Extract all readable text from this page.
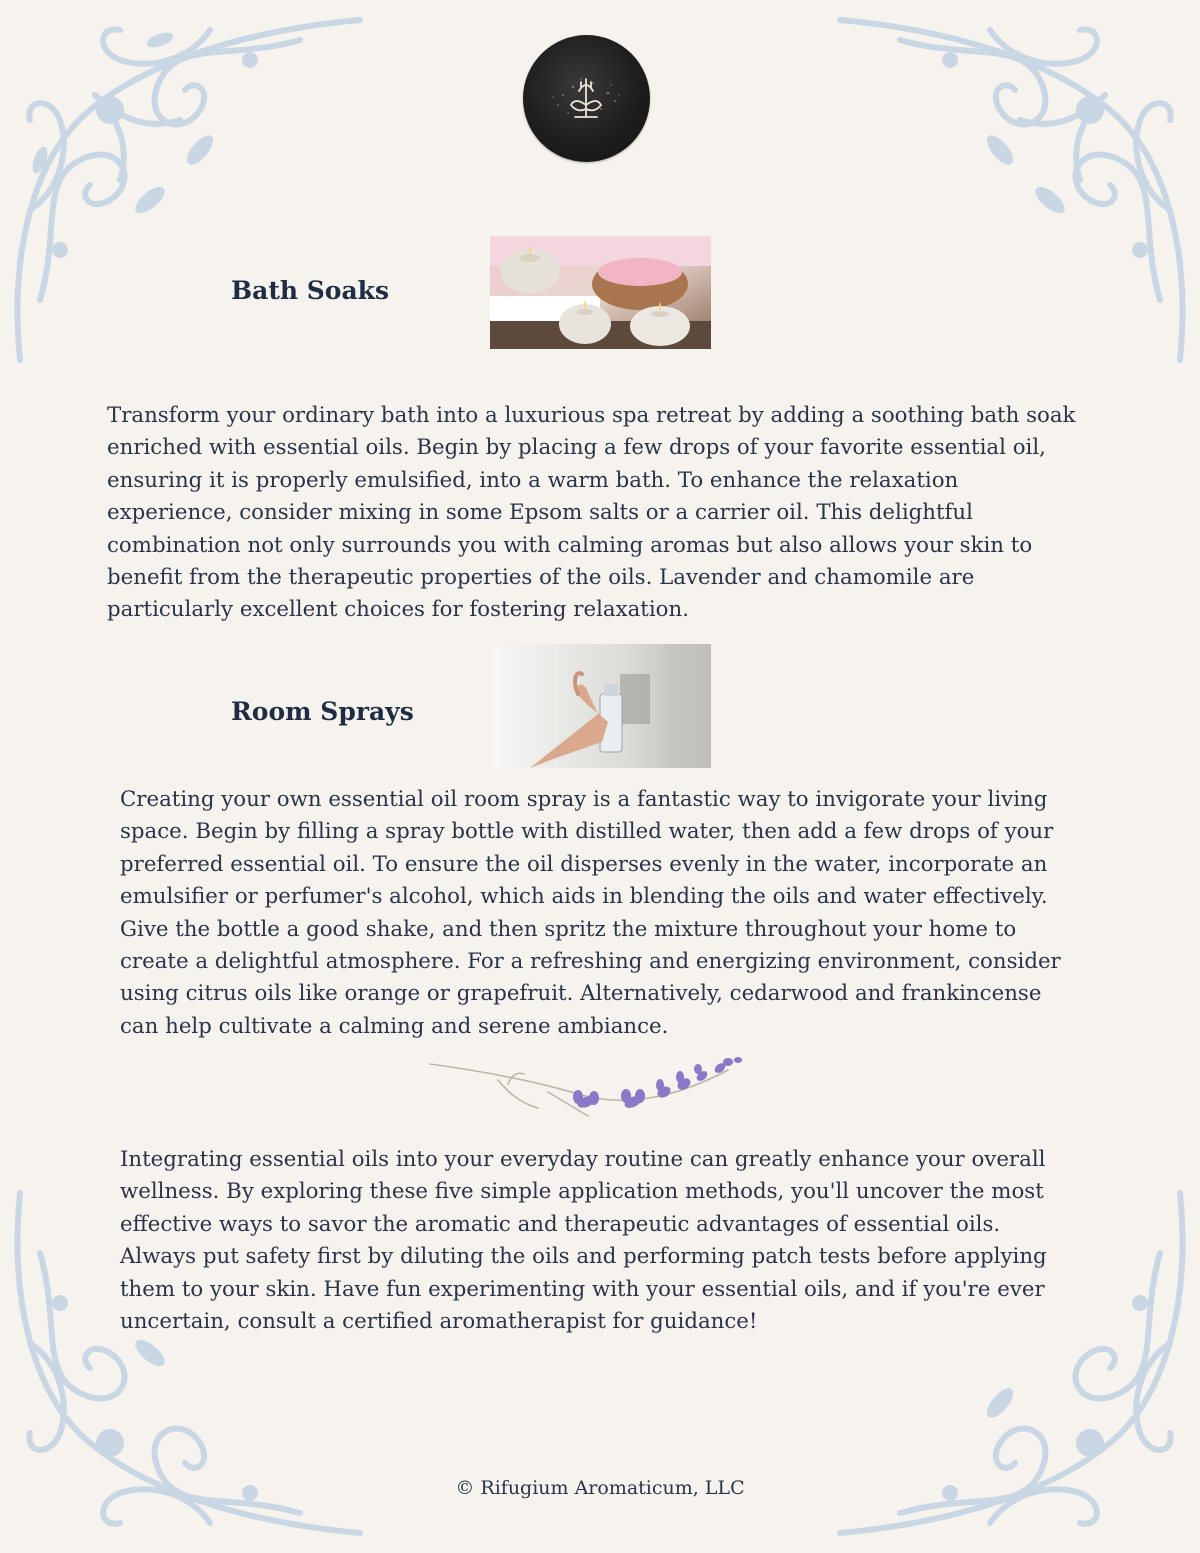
Bath Soaks

Transform your ordinary bath into a luxurious spa retreat by adding a soothing bath soak enriched with essential oils. Begin by placing a few drops of your favorite essential oil, ensuring it is properly emulsified, into a warm bath. To enhance the relaxation experience, consider mixing in some Epsom salts or a carrier oil. This delightful combination not only surrounds you with calming aromas but also allows your skin to benefit from the therapeutic properties of the oils. Lavender and chamomile are particularly excellent choices for fostering relaxation.

Room Sprays

Creating your own essential oil room spray is a fantastic way to invigorate your living space. Begin by filling a spray bottle with distilled water, then add a few drops of your preferred essential oil. To ensure the oil disperses evenly in the water, incorporate an emulsifier or perfumer's alcohol, which aids in blending the oils and water effectively. Give the bottle a good shake, and then spritz the mixture throughout your home to create a delightful atmosphere. For a refreshing and energizing environment, consider using citrus oils like orange or grapefruit. Alternatively, cedarwood and frankincense can help cultivate a calming and serene ambiance.

Integrating essential oils into your everyday routine can greatly enhance your overall wellness. By exploring these five simple application methods, you'll uncover the most effective ways to savor the aromatic and therapeutic advantages of essential oils. Always put safety first by diluting the oils and performing patch tests before applying them to your skin. Have fun experimenting with your essential oils, and if you're ever uncertain, consult a certified aromatherapist for guidance!

© Rifugium Aromaticum, LLC
